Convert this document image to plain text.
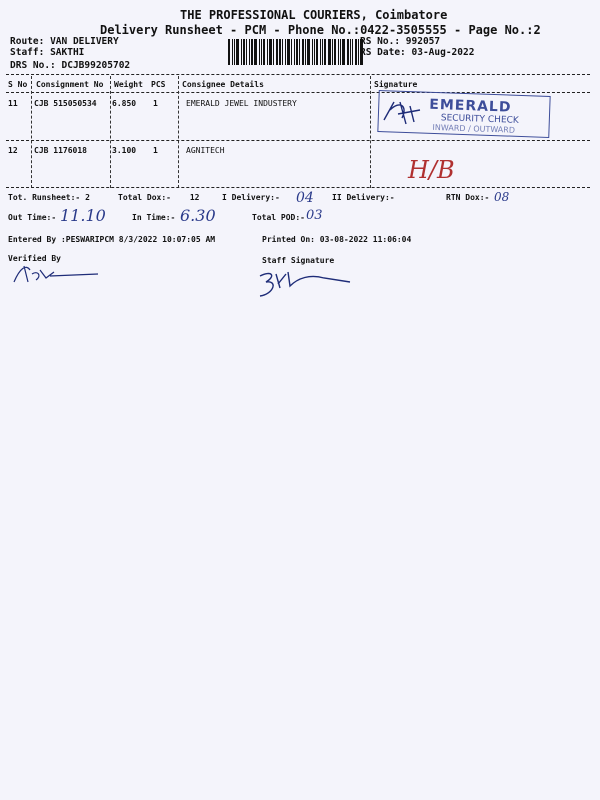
THE PROFESSIONAL COURIERS, Coimbatore
Delivery Runsheet - PCM - Phone No.:0422-3505555 - Page No.:2
Route: VAN DELIVERY
Staff: SAKTHI
DRS No.: DCJB99205702
RS No.: 992057
RS Date: 03-Aug-2022
S No Consignment No Weight PCS Consignee Details	Signature
11 CJB 515050534 6.850 1	EMERALD JEWEL INDUSTERY	EMERALD
SECURITY CHECK
INWARD / OUTWARD
12 CJB 1176018	3.100 1	AGNITECH
H/B
Tot. Runsheet:- 2	Total Dox:- 12	I Delivery:- 04 II Delivery:-	RTN Dox:- 08
Out Time:- 11.10	In Time:- 6.30	Total POD:- 03
Entered By :PESWARIPCM 8/3/2022 10:07:05 AM	Printed On: 03-08-2022 11:06:04
Verified By	Staff Signature
